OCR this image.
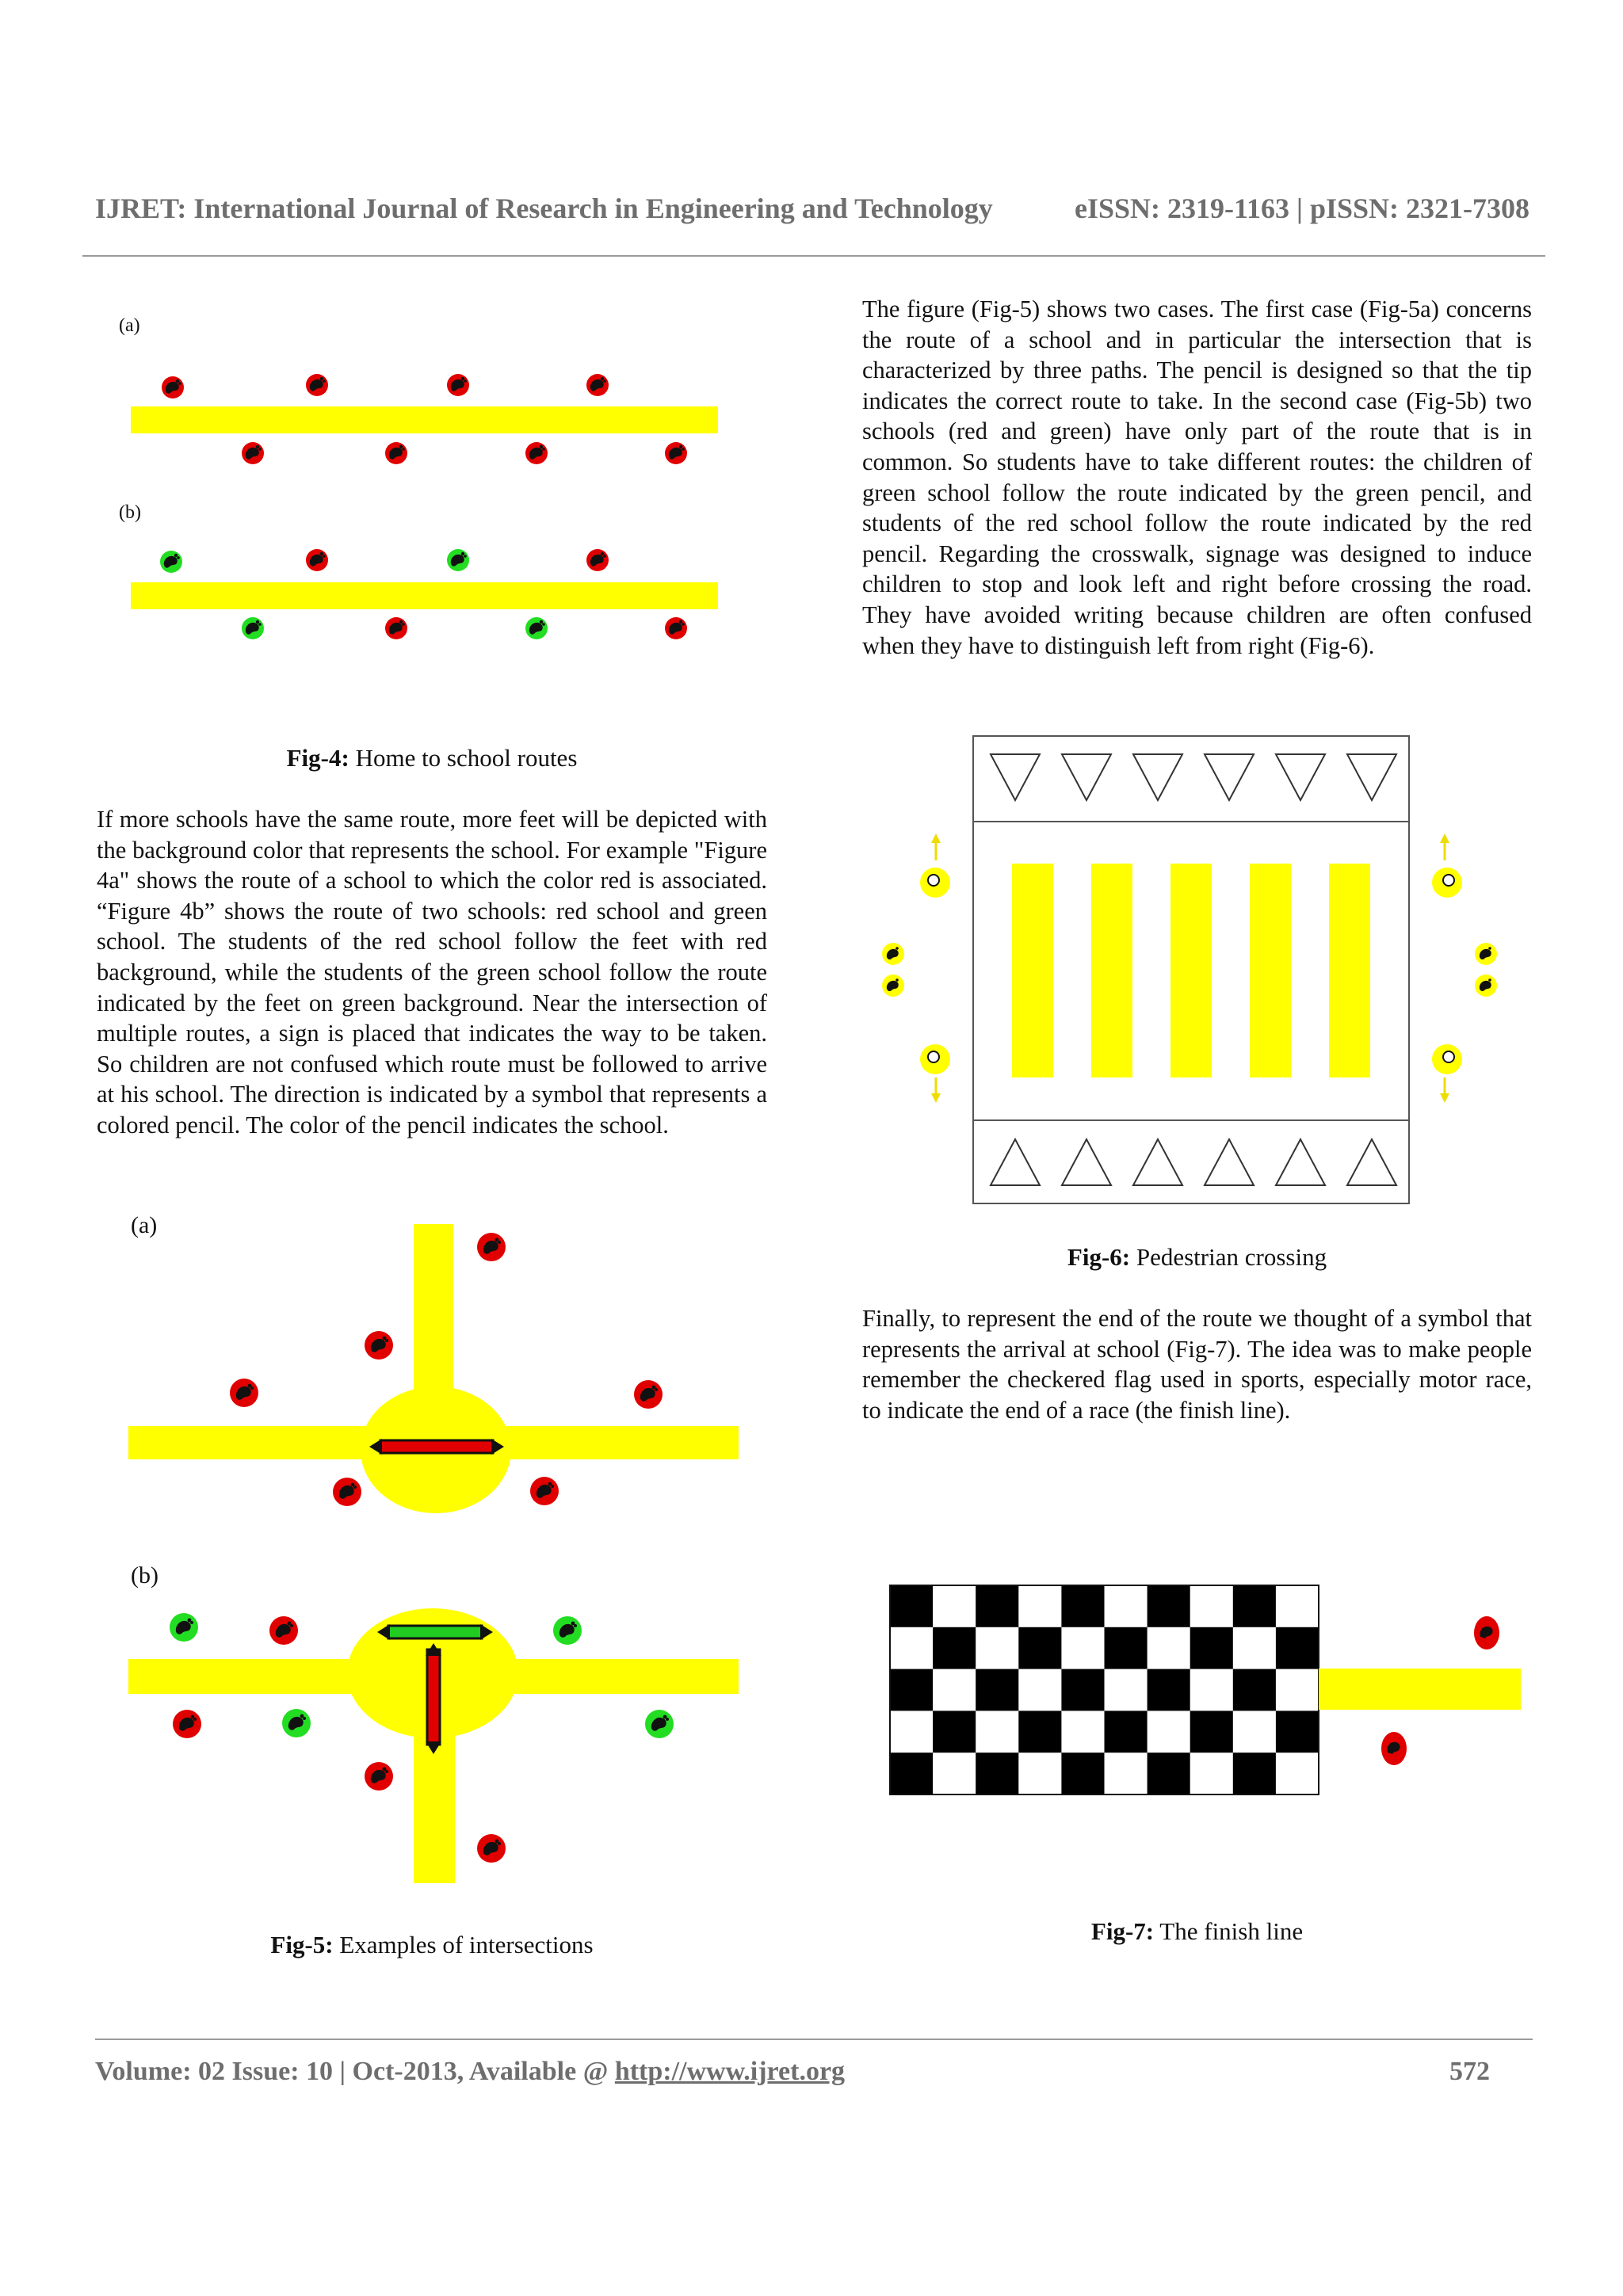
IJRET: International Journal of Research in Engineering and Technology	eISSN: 2319-1163 | pISSN: 2321-7308
(a)
(b)
Fig-4: Home to school routes
If more schools have the same route, more feet will be depicted with the background color that represents the school. For example "Figure 4a" shows the route of a school to which the color red is associated. “Figure 4b” shows the route of two schools: red school and green school. The students of the red school follow the feet with red background, while the students of the green school follow the route indicated by the feet on green background. Near the intersection of multiple routes, a sign is placed that indicates the way to be taken. So children are not confused which route must be followed to arrive at his school. The direction is indicated by a symbol that represents a colored pencil. The color of the pencil indicates the school.
(a)
(b)
Fig-5: Examples of intersections
The figure (Fig-5) shows two cases. The first case (Fig-5a) concerns the route of a school and in particular the intersection that is characterized by three paths. The pencil is designed so that the tip indicates the correct route to take. In the second case (Fig-5b) two schools (red and green) have only part of the route that is in common. So students have to take different routes: the children of green school follow the route indicated by the green pencil, and students of the red school follow the route indicated by the red pencil. Regarding the crosswalk, signage was designed to induce children to stop and look left and right before crossing the road. They have avoided writing because children are often confused when they have to distinguish left from right (Fig-6).
Fig-6: Pedestrian crossing
Finally, to represent the end of the route we thought of a symbol that represents the arrival at school (Fig-7). The idea was to make people remember the checkered flag used in sports, especially motor race, to indicate the end of a race (the finish line).
Fig-7: The finish line
Volume: 02 Issue: 10 | Oct-2013, Available @ http://www.ijret.org	572
